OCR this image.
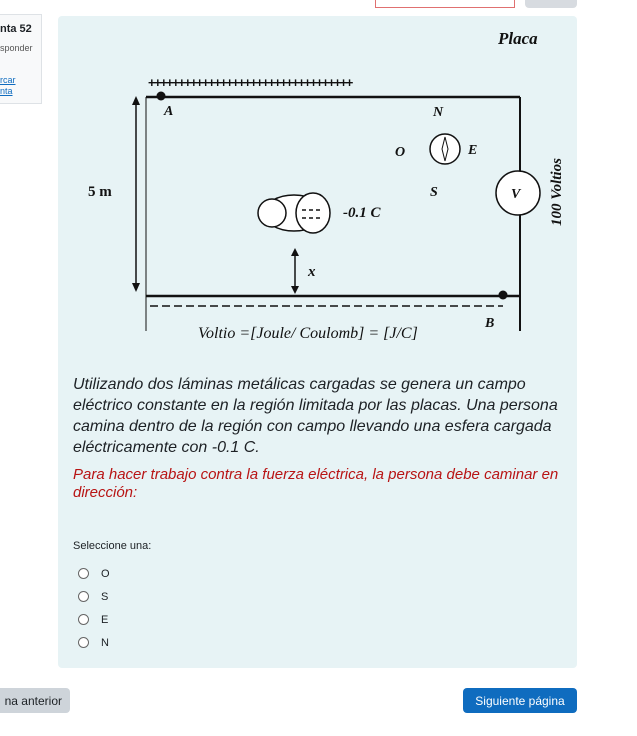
nta 52
sponder
rcar
nta
Placa
++++++++++++++++++++++++++++++++++
A
B
5 m
N
S
E
O
V 100 Voltios
-0.1 C
x
Voltio =[Joule/ Coulomb] = [J/C]

Utilizando dos láminas metálicas cargadas se genera un campo eléctrico constante en la región limitada por las placas. Una persona camina dentro de la región con campo llevando una esfera cargada eléctricamente con -0.1 C.

Para hacer trabajo contra la fuerza eléctrica, la persona debe caminar en dirección:

Seleccione una:
O
S
E
N
na anterior	Siguiente página
